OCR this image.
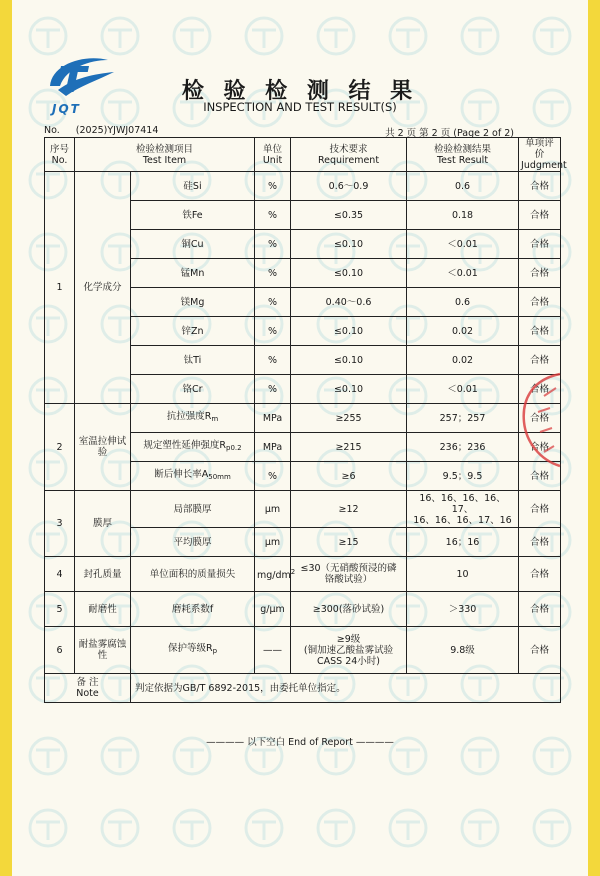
JQT
检 验 检 测 结 果
INSPECTION AND TEST RESULT(S)
No. (2025)YJWJ07414	共 2 页 第 2 页 (Page 2 of 2)
序号
No.	检验检测项目
Test Item		单位
Unit	技术要求
Requirement	检验检测结果
Test Result	单项评价
Judgment
1	化学成分	硅Si	%	0.6～0.9	0.6	合格
		铁Fe	%	≤0.35	0.18	合格
		铜Cu	%	≤0.10	＜0.01	合格
		锰Mn	%	≤0.10	＜0.01	合格
		镁Mg	%	0.40～0.6	0.6	合格
		锌Zn	%	≤0.10	0.02	合格
		钛Ti	%	≤0.10	0.02	合格
		铬Cr	%	≤0.10	＜0.01	合格
2	室温拉伸试验	抗拉强度$R_m$	MPa	≥255	257；257	合格
		规定塑性延伸强度$R_{p0.2}$	MPa	≥215	236；236	合格
		断后伸长率$A_{50mm}$	%	≥6	9.5；9.5	合格
3	膜厚	局部膜厚	μm	≥12	16、16、16、16、17、
16、16、16、17、16	合格
		平均膜厚	μm	≥15	16；16	合格
4	封孔质量	单位面积的质量损失	$mg/dm^2$	≤30（无硝酸预浸的磷
铬酸试验）	10	合格
5	耐磨性	磨耗系数f	g/μm	≥300(落砂试验)	＞330	合格
6	耐盐雾腐蚀性	保护等级$R_p$	——	≥9级
(铜加速乙酸盐雾试验
CASS 24小时)	9.8级	合格
备 注
Note		判定依据为GB/T 6892-2015，由委托单位指定。				
———— 以下空白 End of Report ————
